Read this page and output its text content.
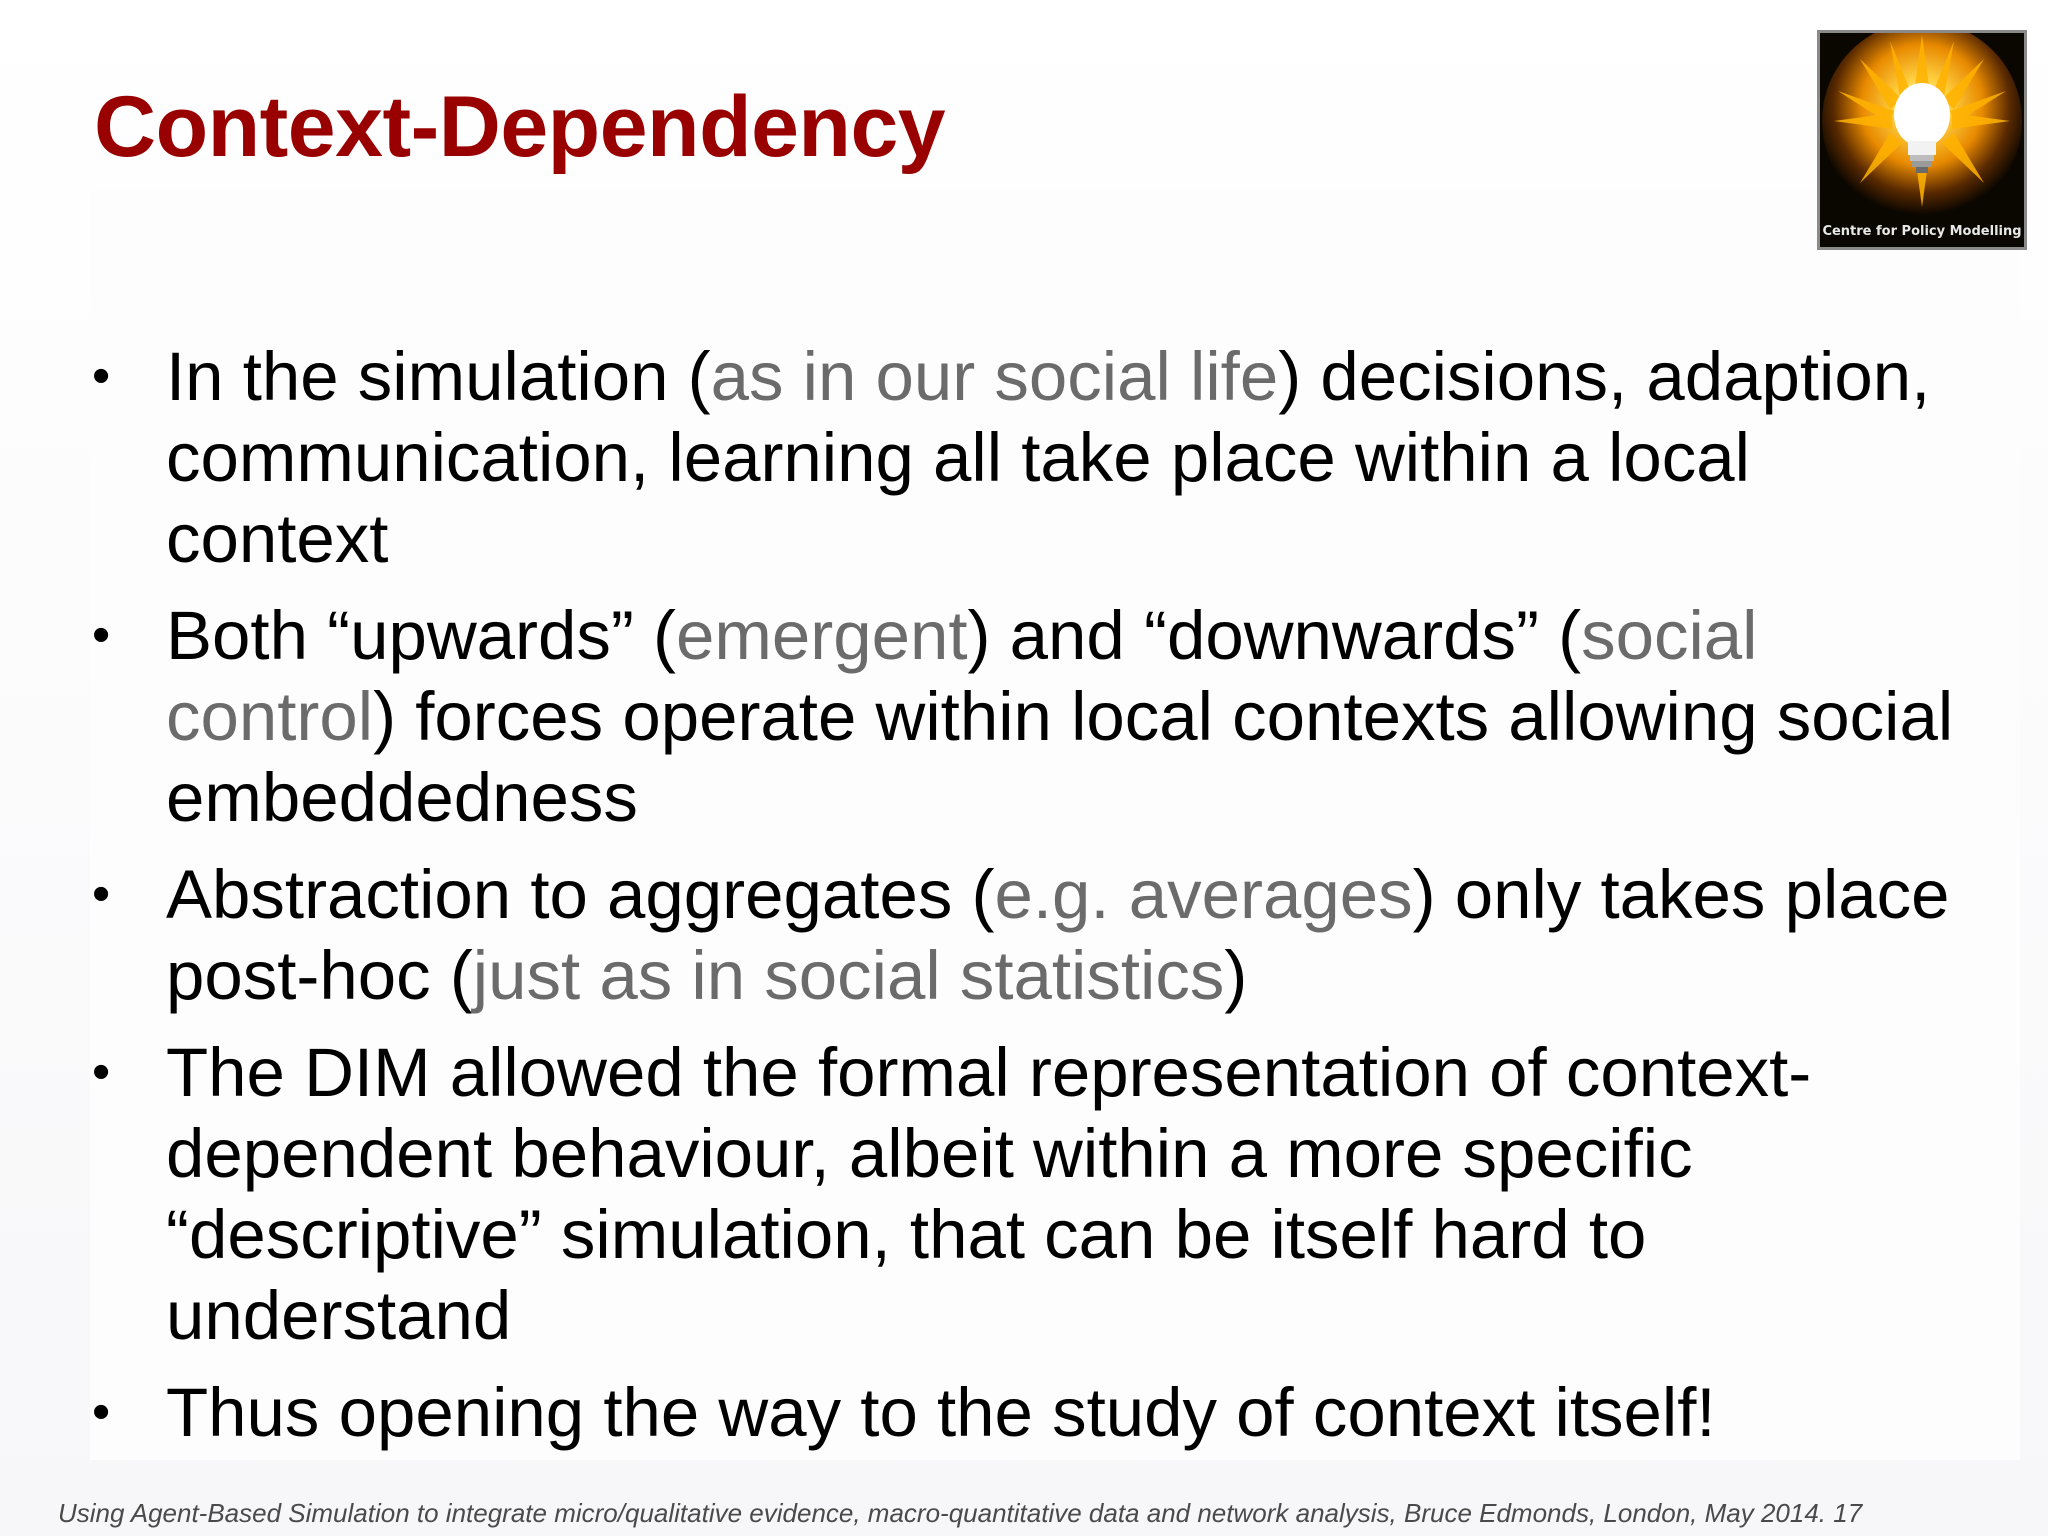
Context-Dependency
Centre for Policy Modelling
• In the simulation (as in our social life) decisions, adaption, communication, learning all take place within a local context
• Both “upwards” (emergent) and “downwards” (social control) forces operate within local contexts allowing social embeddedness
• Abstraction to aggregates (e.g. averages) only takes place post-hoc (just as in social statistics)
• The DIM allowed the formal representation of context-dependent behaviour, albeit within a more specific “descriptive” simulation, that can be itself hard to understand
• Thus opening the way to the study of context itself!
Using Agent-Based Simulation to integrate micro/qualitative evidence, macro-quantitative data and network analysis, Bruce Edmonds, London, May 2014. 17
